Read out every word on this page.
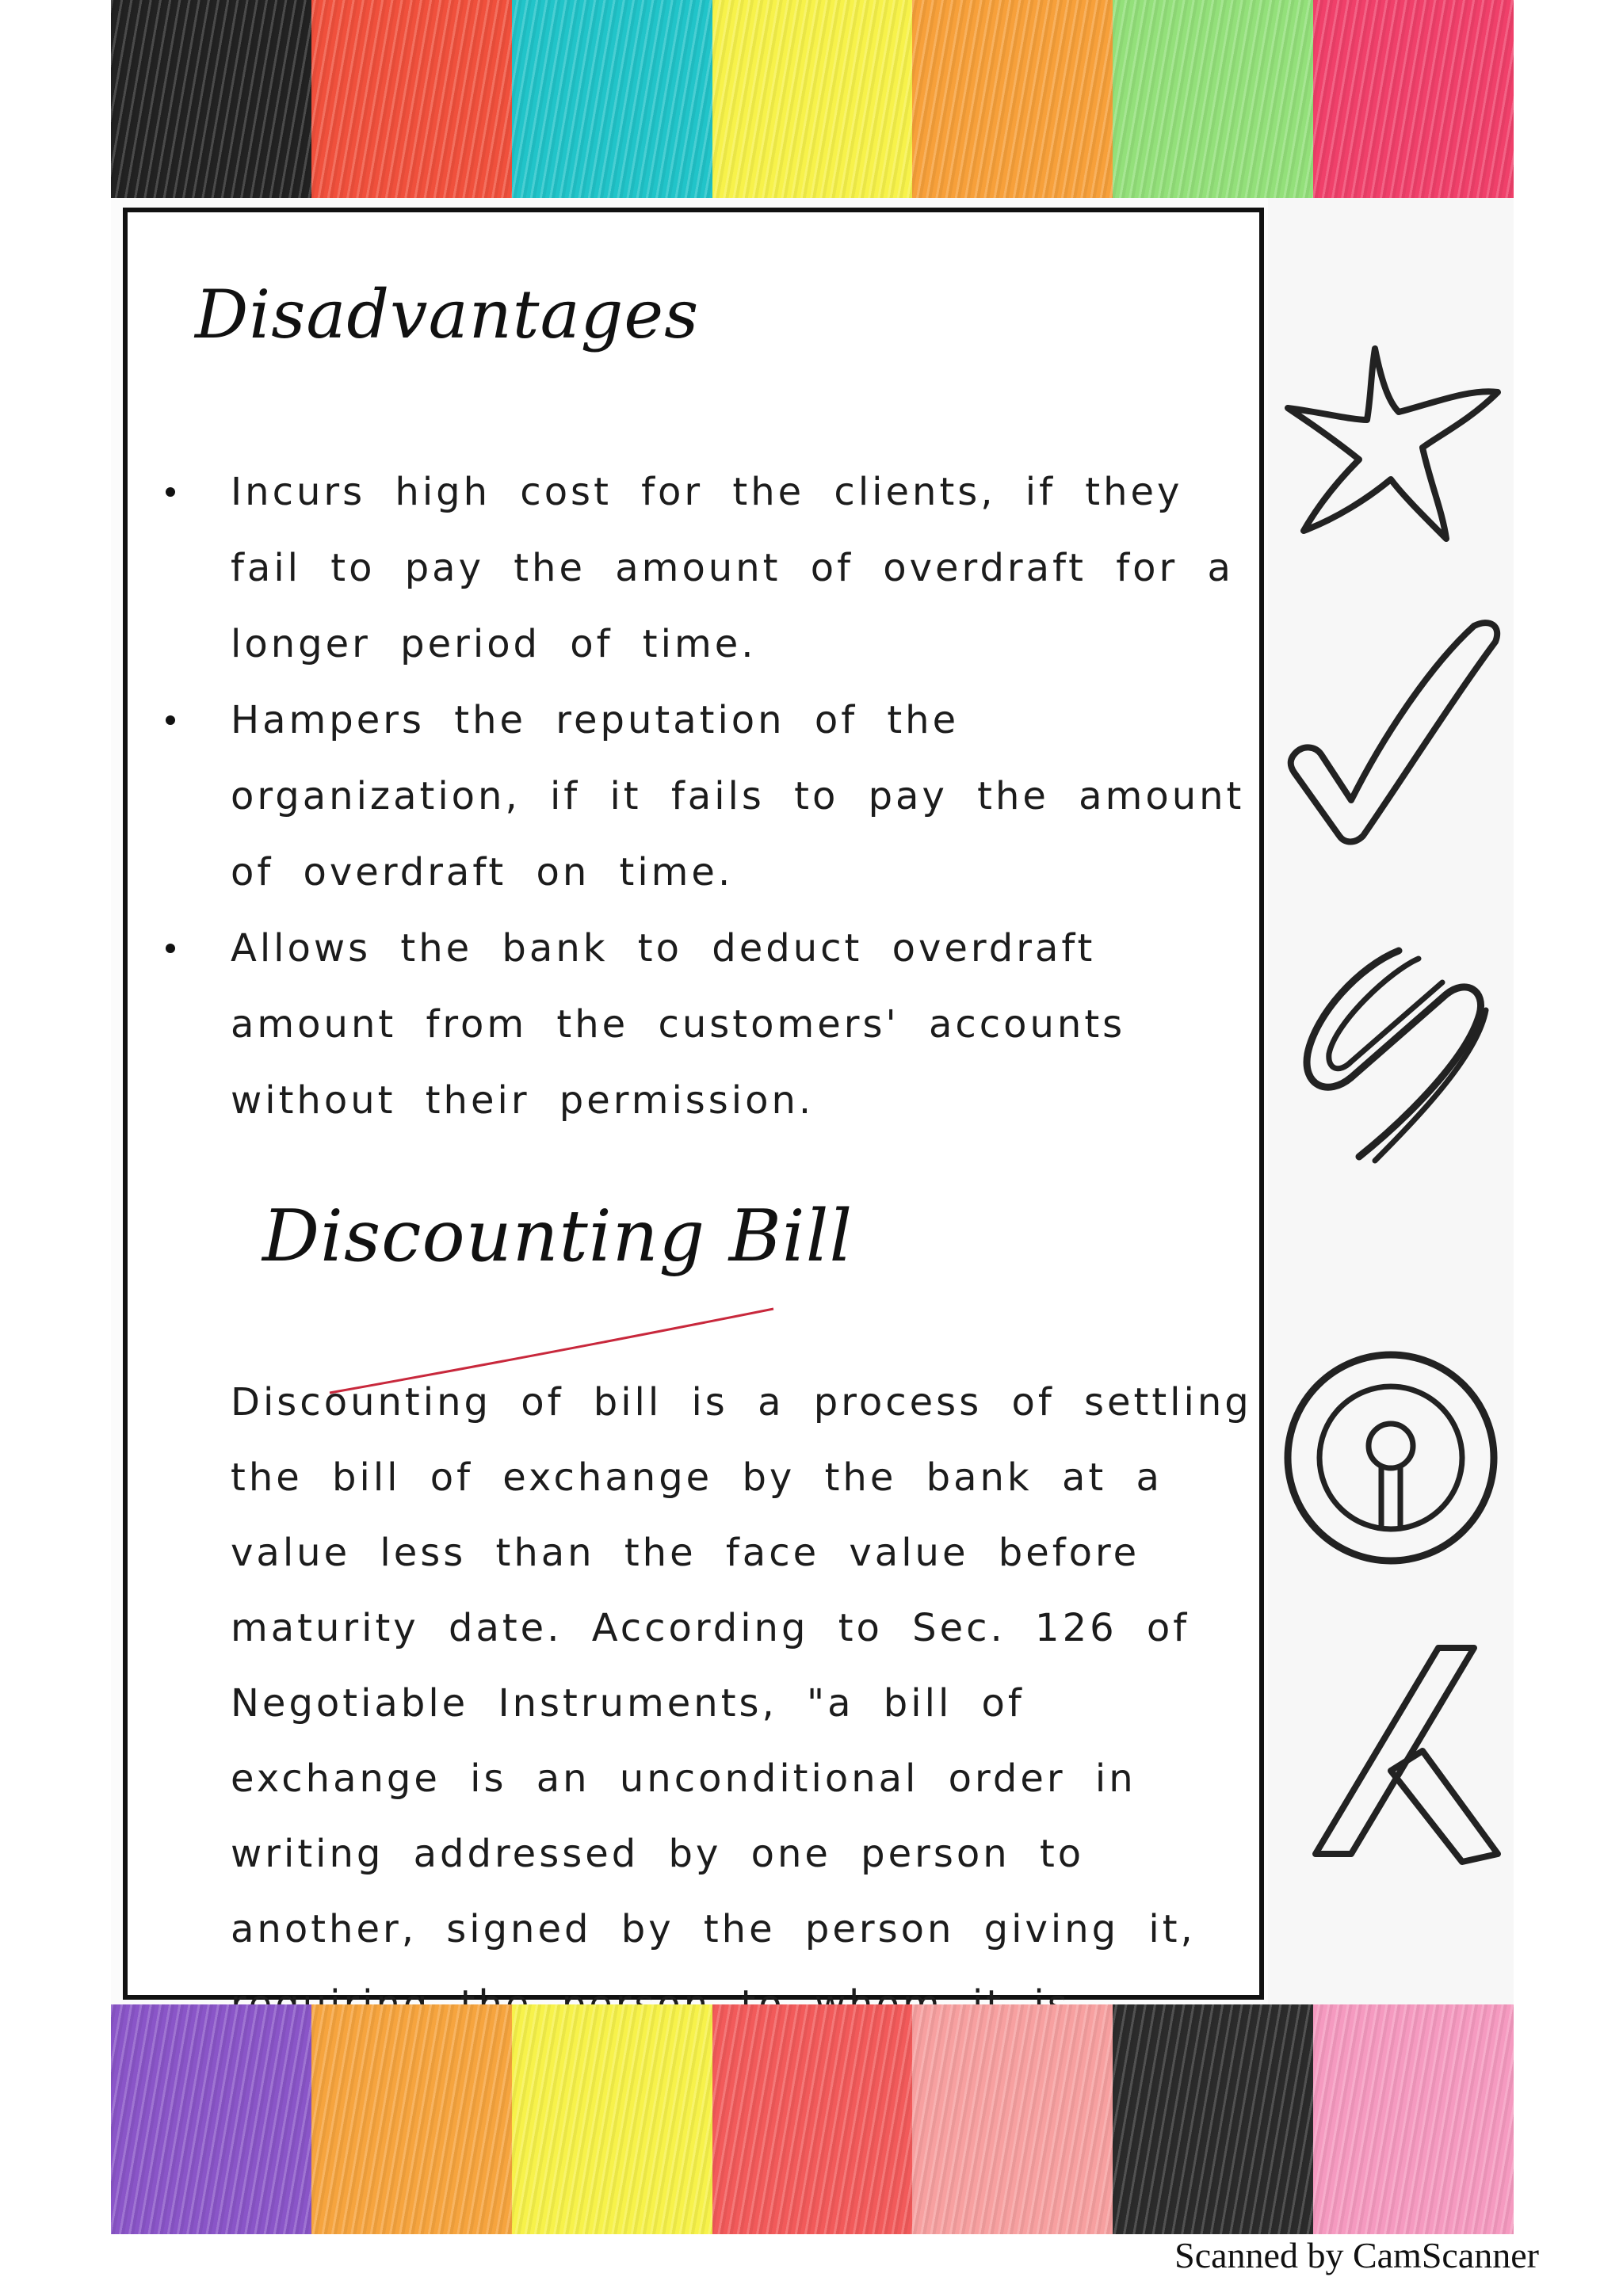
Disadvantages
Incurs high cost for the clients, if they fail to pay the amount of overdraft for a longer period of time.
Hampers the reputation of the organization, if it fails to pay the amount of overdraft on time.
Allows the bank to deduct overdraft amount from the customers' accounts without their permission.
Discounting Bill

Discounting of bill is a process of settling the bill of exchange by the bank at a value less than the face value before maturity date. According to Sec. 126 of Negotiable Instruments, "a bill of exchange is an unconditional order in writing addressed by one person to another, signed by the person giving it,

Scanned by CamScanner
